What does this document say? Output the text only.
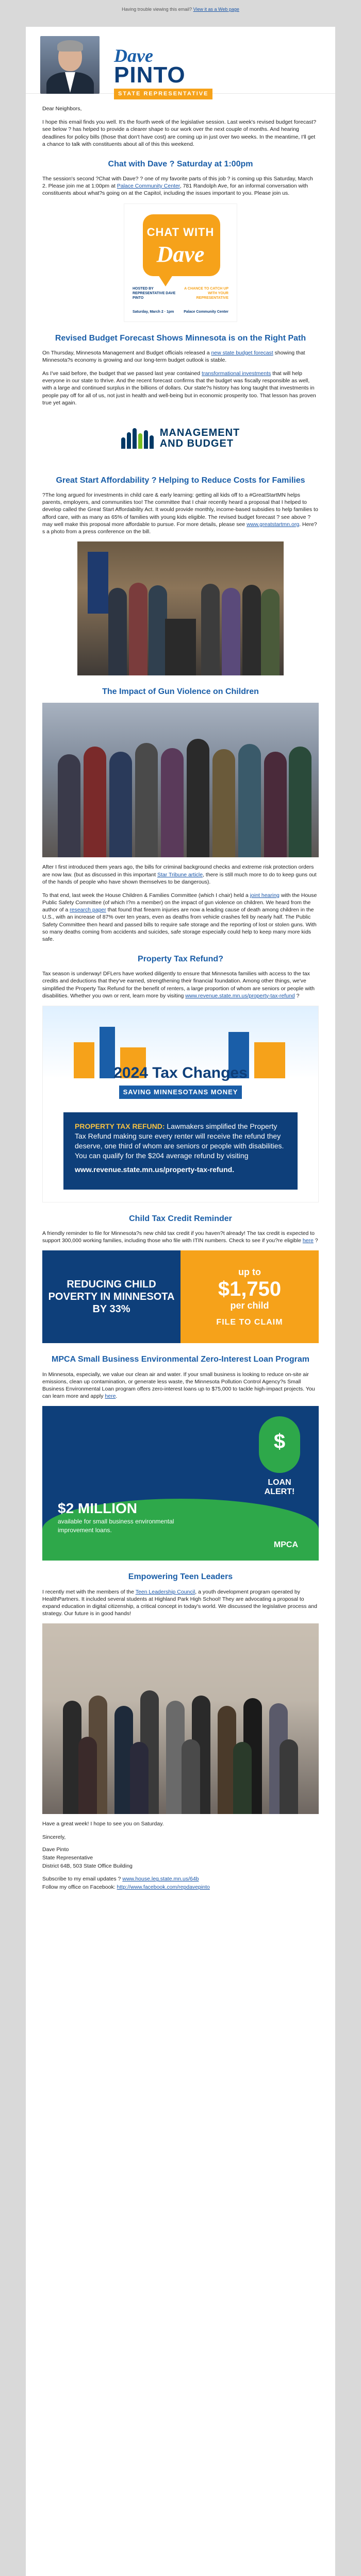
Having trouble viewing this email? View it as a Web page
Dave
PINTO
STATE REPRESENTATIVE

Dear Neighbors,

I hope this email finds you well. It's the fourth week of the legislative session. Last week's revised budget forecast? see below ? has helped to provide a clearer shape to our work over the next couple of months. And hearing deadlines for policy bills (those that don't have cost) are coming up in just over two weeks. In the meantime, I'll get a chance to talk with constituents about all of this this weekend.

Chat with Dave ? Saturday at 1:00pm

The session's second ?Chat with Dave? ? one of my favorite parts of this job ? is coming up this Saturday, March 2. Please join me at 1:00pm at Palace Community Center, 781 Randolph Ave, for an informal conversation with constituents about what?s going on at the Capitol, including the issues important to you. Please join us.

CHAT WITH
Dave
HOSTED BY REPRESENTATIVE DAVE PINTO
A CHANCE TO CATCH UP WITH YOUR REPRESENTATIVE
Saturday, March 2 · 1pm	Palace Community Center
Revised Budget Forecast Shows Minnesota is on the Right Path

On Thursday, Minnesota Management and Budget officials released a new state budget forecast showing that Minnesota?s economy is growing and our long-term budget outlook is stable.

As I've said before, the budget that we passed last year contained transformational investments that will help everyone in our state to thrive. And the recent forecast confirms that the budget was fiscally responsible as well, with a large and continued surplus in the billions of dollars. Our state?s history has long taught that investments in people pay off for all of us, not just in health and well-being but in economic prosperity too. That lesson has proven true yet again.

MANAGEMENT
AND BUDGET
Great Start Affordability ? Helping to Reduce Costs for Families

?The long argued for investments in child care & early learning: getting all kids off to a #GreatStartMN helps parents, employers, and communities too! The committee that I chair recently heard a proposal that I helped to develop called the Great Start Affordability Act. It would provide monthly, income-based subsidies to help families to afford care, with as many as 65% of families with young kids eligible. The revised budget forecast ? see above ? may well make this proposal more affordable to pursue. For more details, please see www.greatstartmn.org. Here?s a photo from a press conference on the bill.

The Impact of Gun Violence on Children

After I first introduced them years ago, the bills for criminal background checks and extreme risk protection orders are now law. (but as discussed in this important Star Tribune article, there is still much more to do to keep guns out of the hands of people who have shown themselves to be dangerous).

To that end, last week the House Children & Families Committee (which I chair) held a joint hearing with the House Public Safety Committee (of which I?m a member) on the impact of gun violence on children. We heard from the author of a research paper that found that firearm injuries are now a leading cause of death among children in the U.S., with an increase of 87% over ten years, even as deaths from vehicle crashes fell by nearly half. The Public Safety Committee then heard and passed bills to require safe storage and the reporting of lost or stolen guns. With so many deaths coming from accidents and suicides, safe storage especially could help to keep many more kids safe.

Property Tax Refund?

Tax season is underway! DFLers have worked diligently to ensure that Minnesota families with access to the tax credits and deductions that they've earned, strengthening their financial foundation. Among other things, we've simplified the Property Tax Refund for the benefit of renters, a large proportion of whom are seniors or people with disabilities. Whether you own or rent, learn more by visiting www.revenue.state.mn.us/property-tax-refund ?

2024 Tax Changes
SAVING MINNESOTANS MONEY
PROPERTY TAX REFUND: Lawmakers simplified the Property Tax Refund making sure every renter will receive the refund they deserve, one third of whom are seniors or people with disabilities. You can qualify for the $204 average refund by visiting
www.revenue.state.mn.us/property-tax-refund.
Child Tax Credit Reminder

A friendly reminder to file for Minnesota?s new child tax credit if you haven?t already! The tax credit is expected to support 300,000 working families, including those who file with ITIN numbers. Check to see if you?re eligible here ?

REDUCING CHILD POVERTY IN MINNESOTA BY 33%
up to
$1,750
per child
FILE TO CLAIM
MPCA Small Business Environmental Zero-Interest Loan Program

In Minnesota, especially, we value our clean air and water. If your small business is looking to reduce on-site air emissions, clean up contamination, or generate less waste, the Minnesota Pollution Control Agency?s Small Business Environmental Loan program offers zero-interest loans up to $75,000 to tackle high-impact projects. You can learn more and apply here.

$
LOAN ALERT!
$2 MILLION
available for small business environmental improvement loans.
MPCA
Empowering Teen Leaders

I recently met with the members of the Teen Leadership Council, a youth development program operated by HealthPartners. It included several students at Highland Park High School! They are advocating a proposal to expand education in digital citizenship, a critical concept in today's world. We discussed the legislative process and strategy. Our future is in good hands!

Have a great week! I hope to see you on Saturday.

Sincerely,
Dave Pinto
State Representative
District 64B, 503 State Office Building
Subscribe to my email updates ? www.house.leg.state.mn.us/64b
Follow my office on Facebook: http://www.facebook.com/repdavepinto
